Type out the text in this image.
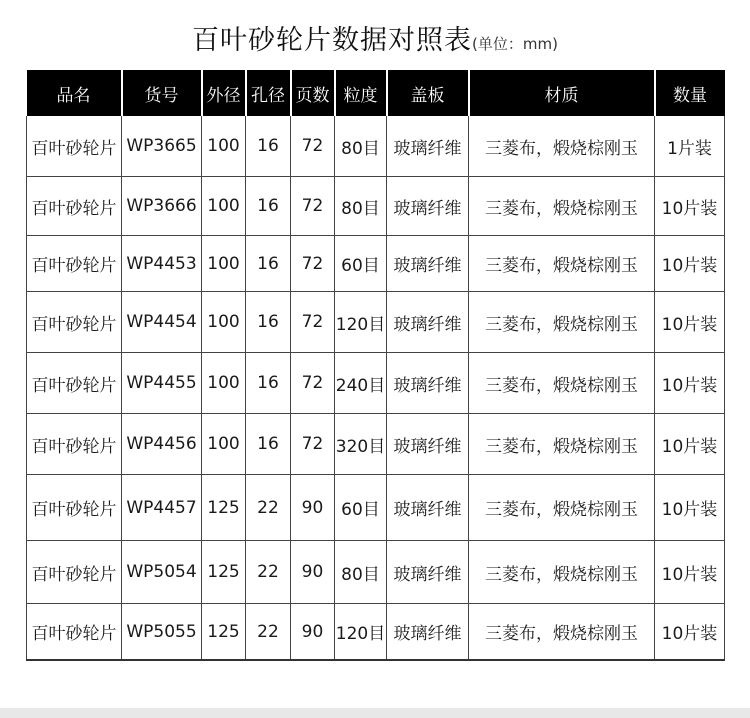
百叶砂轮片数据对照表(单位：mm)
品名	货号	外径	孔径	页数	粒度	盖板	材质	数量
百叶砂轮片	WP3665	100	16	72	80目	玻璃纤维	三菱布，煅烧棕刚玉	1片装
百叶砂轮片	WP3666	100	16	72	80目	玻璃纤维	三菱布，煅烧棕刚玉	10片装
百叶砂轮片	WP4453	100	16	72	60目	玻璃纤维	三菱布，煅烧棕刚玉	10片装
百叶砂轮片	WP4454	100	16	72	120目	玻璃纤维	三菱布，煅烧棕刚玉	10片装
百叶砂轮片	WP4455	100	16	72	240目	玻璃纤维	三菱布，煅烧棕刚玉	10片装
百叶砂轮片	WP4456	100	16	72	320目	玻璃纤维	三菱布，煅烧棕刚玉	10片装
百叶砂轮片	WP4457	125	22	90	60目	玻璃纤维	三菱布，煅烧棕刚玉	10片装
百叶砂轮片	WP5054	125	22	90	80目	玻璃纤维	三菱布，煅烧棕刚玉	10片装
百叶砂轮片	WP5055	125	22	90	120目	玻璃纤维	三菱布，煅烧棕刚玉	10片装
